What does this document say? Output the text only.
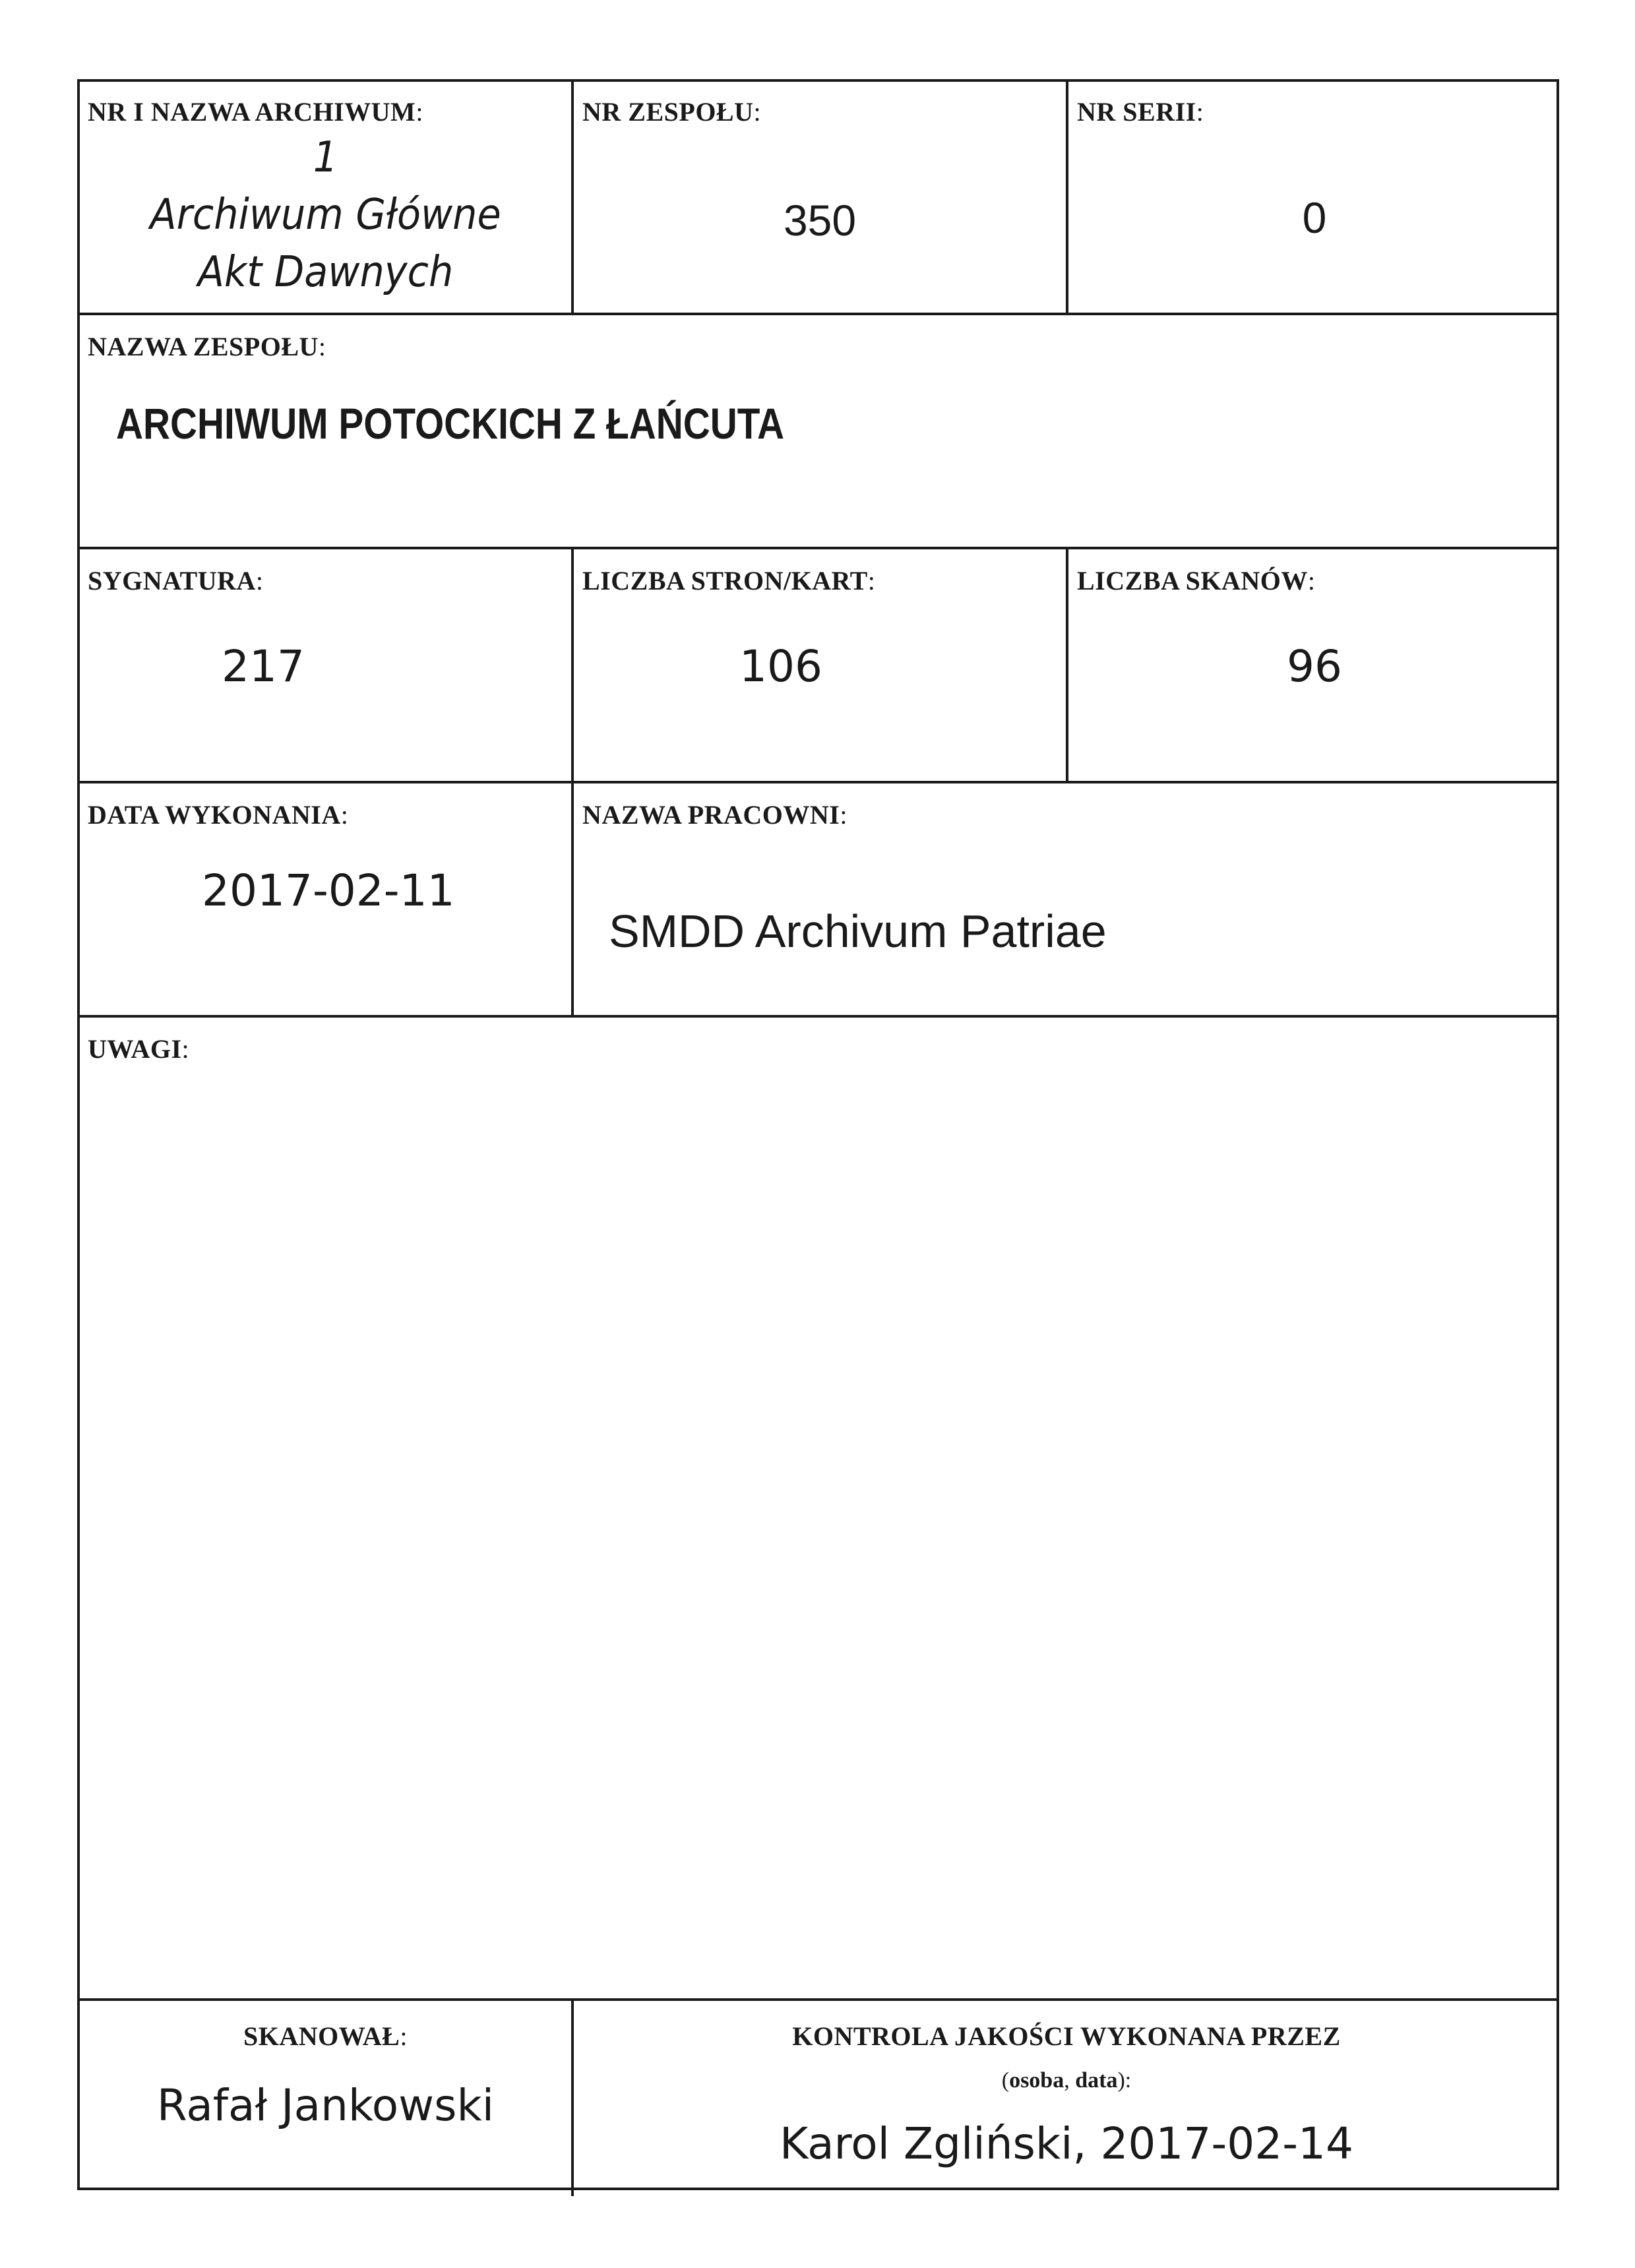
NR I NAZWA ARCHIWUM:
1
Archiwum Główne
Akt Dawnych
NR ZESPOŁU:
350
NR SERII:
0
NAZWA ZESPOŁU:
ARCHIWUM POTOCKICH Z ŁAŃCUTA
SYGNATURA:
217
LICZBA STRON/KART:
106
LICZBA SKANÓW:
96
DATA WYKONANIA:
2017-02-11
NAZWA PRACOWNI:
SMDD Archivum Patriae
UWAGI:
SKANOWAŁ:
Rafał Jankowski
KONTROLA JAKOŚCI WYKONANA PRZEZ
(osoba, data):
Karol Zgliński, 2017-02-14
